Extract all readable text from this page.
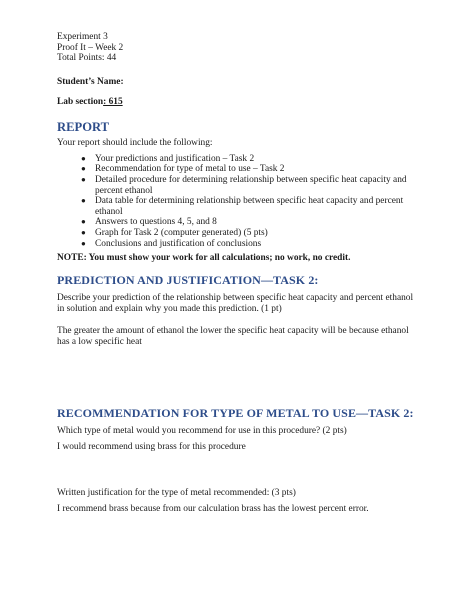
Experiment 3
Proof It – Week 2
Total Points: 44
Student’s Name:
Lab section: 615
REPORT
Your report should include the following:
● Your predictions and justification – Task 2
● Recommendation for type of metal to use – Task 2
● Detailed procedure for determining relationship between specific heat capacity and
percent ethanol
● Data table for determining relationship between specific heat capacity and percent
ethanol
● Answers to questions 4, 5, and 8
● Graph for Task 2 (computer generated) (5 pts)
● Conclusions and justification of conclusions
NOTE: You must show your work for all calculations; no work, no credit.
PREDICTION AND JUSTIFICATION—TASK 2:

Describe your prediction of the relationship between specific heat capacity and percent ethanol
in solution and explain why you made this prediction. (1 pt)

The greater the amount of ethanol the lower the specific heat capacity will be because ethanol
has a low specific heat

RECOMMENDATION FOR TYPE OF METAL TO USE—TASK 2:
Which type of metal would you recommend for use in this procedure? (2 pts)
I would recommend using brass for this procedure
Written justification for the type of metal recommended: (3 pts)
I recommend brass because from our calculation brass has the lowest percent error.
